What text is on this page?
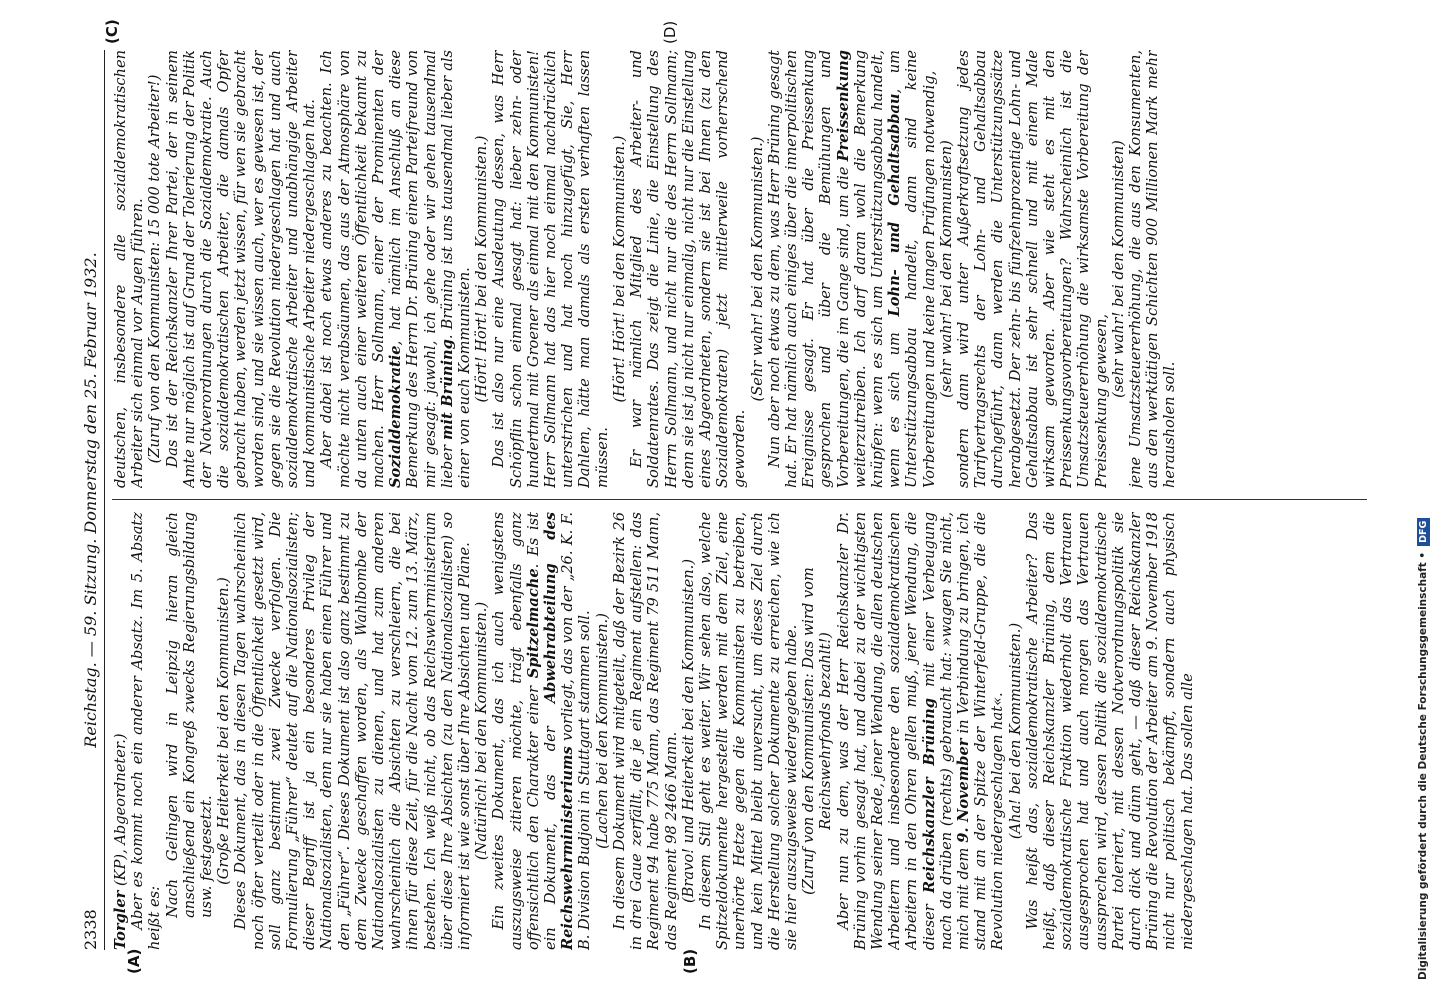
2338
Reichstag. — 59. Sitzung. Donnerstag den 25. Februar 1932.
(A)	(B)
(C)	(D)

Torgler (KP), Abgeordneter.) Aber es kommt noch ein anderer Absatz. Im 5. Absatz heißt es:

Nach Gelingen wird in Leipzig hieran gleich anschließend ein Kongreß zwecks Regierungsbildung usw. festgesetzt. (Große Heiterkeit bei den Kommunisten.) Dieses Dokument, das in diesen Tagen wahrscheinlich noch öfter verteilt oder in die Öffentlichkeit gesetzt wird, soll ganz bestimmt zwei Zwecke verfolgen. Die Formulierung „Führer“ deutet auf die Nationalsozialisten; dieser Begriff ist ja ein besonderes Privileg der Nationalsozialisten, denn nur sie haben einen Führer und den „Führer“. Dieses Dokument ist also ganz bestimmt zu dem Zwecke geschaffen worden, als Wahlbombe der Nationalsozialisten zu dienen, und hat zum anderen wahrscheinlich die Absichten zu verschleiern, die bei ihnen für diese Zeit, für die Nacht vom 12. zum 13. März, bestehen. Ich weiß nicht, ob das Reichswehrministerium über diese Ihre Absichten (zu den Nationalsozialisten) so informiert ist wie sonst über Ihre Absichten und Pläne. (Natürlich! bei den Kommunisten.) Ein zweites Dokument, das ich auch wenigstens auszugsweise zitieren möchte, trägt ebenfalls ganz offensichtlich den Charakter einer Spitzelmache. Es ist ein Dokument, das der Abwehrabteilung des Reichswehrministeriums vorliegt, das von der „26. K. F. B. Division Budjoni in Stuttgart stammen soll. (Lachen bei den Kommunisten.) In diesem Dokument wird mitgeteilt, daß der Bezirk 26 in drei Gaue zerfällt, die je ein Regiment aufstellen: das Regiment 94 habe 775 Mann, das Regiment 79 511 Mann, das Regiment 98 2466 Mann. (Bravo! und Heiterkeit bei den Kommunisten.) In diesem Stil geht es weiter. Wir sehen also, welche Spitzeldokumente hergestellt werden mit dem Ziel, eine unerhörte Hetze gegen die Kommunisten zu betreiben, und kein Mittel bleibt unversucht, um dieses Ziel durch die Herstellung solcher Dokumente zu erreichen, wie ich sie hier auszugsweise wiedergegeben habe. (Zuruf von den Kommunisten: Das wird vom Reichswehrfonds bezahlt!) Aber nun zu dem, was der Herr Reichskanzler Dr. Brüning vorhin gesagt hat, und dabei zu der wichtigsten Wendung seiner Rede, jener Wendung, die allen deutschen Arbeitern und insbesondere den sozialdemokratischen Arbeitern in den Ohren gellen muß, jener Wendung, die dieser Reichskanzler Brüning mit einer Verbeugung nach da drüben (rechts) gebraucht hat: »wagen Sie nicht, mich mit dem 9. November in Verbindung zu bringen, ich stand mit an der Spitze der Winterfeld-Gruppe, die die Revolution niedergeschlagen hat«. (Aha! bei den Kommunisten.) Was heißt das, sozialdemokratische Arbeiter? Das heißt, daß dieser Reichskanzler Brüning, dem die sozialdemokratische Fraktion wiederholt das Vertrauen ausgesprochen hat und auch morgen das Vertrauen aussprechen wird, dessen Politik die sozialdemokratische Partei toleriert, mit dessen Notverordnungspolitik sie durch dick und dünn geht, — daß dieser Reichskanzler Brüning die Revolution der Arbeiter am 9. November 1918 nicht nur politisch bekämpft, sondern auch physisch niedergeschlagen hat. Das sollen alle

deutschen, insbesondere alle sozialdemokratischen Arbeiter sich einmal vor Augen führen. (Zuruf von den Kommunisten: 15 000 tote Arbeiter!) Das ist der Reichskanzler Ihrer Partei, der in seinem Amte nur möglich ist auf Grund der Tolerierung der Politik der Notverordnungen durch die Sozialdemokratie. Auch die sozialdemokratischen Arbeiter, die damals Opfer gebracht haben, werden jetzt wissen, für wen sie gebracht worden sind, und sie wissen auch, wer es gewesen ist, der gegen sie die Revolution niedergeschlagen hat und auch sozialdemokratische Arbeiter und unabhängige Arbeiter und kommunistische Arbeiter niedergeschlagen hat. Aber dabei ist noch etwas anderes zu beachten. Ich möchte nicht verabsäumen, das aus der Atmosphäre von da unten auch einer weiteren Öffentlichkeit bekannt zu machen. Herr Sollmann, einer der Prominenten der Sozialdemokratie, hat nämlich im Anschluß an diese Bemerkung des Herrn Dr. Brüning einem Parteifreund von mir gesagt: jawohl, ich gehe oder wir gehen tausendmal lieber mit Brüning. Brüning ist uns tausendmal lieber als einer von euch Kommunisten. (Hört! Hört! bei den Kommunisten.) Das ist also nur eine Ausdeutung dessen, was Herr Schöpflin schon einmal gesagt hat: lieber zehn- oder hundertmal mit Groener als einmal mit den Kommunisten! Herr Sollmann hat das hier noch einmal nachdrücklich unterstrichen und hat noch hinzugefügt, Sie, Herr Dahlem, hätte man damals als ersten verhaften lassen müssen.

(Hört! Hört! bei den Kommunisten.) Er war nämlich Mitglied des Arbeiter- und Soldatenrates. Das zeigt die Linie, die Einstellung des Herrn Sollmann, und nicht nur die des Herrn Sollmann; denn sie ist ja nicht nur einmalig, nicht nur die Einstellung eines Abgeordneten, sondern sie ist bei Ihnen (zu den Sozialdemokraten) jetzt mittlerweile vorherrschend geworden.

(Sehr wahr! bei den Kommunisten.) Nun aber noch etwas zu dem, was Herr Brüning gesagt hat. Er hat nämlich auch einiges über die innerpolitischen Ereignisse gesagt. Er hat über die Preissenkung gesprochen und über die Bemühungen und Vorbereitungen, die im Gange sind, um die Preissenkung weiterzutreiben. Ich darf daran wohl die Bemerkung knüpfen: wenn es sich um Unterstützungsabbau handelt, wenn es sich um Lohn- und Gehaltsabbau, um Unterstützungsabbau handelt, dann sind keine Vorbereitungen und keine langen Prüfungen notwendig, (sehr wahr! bei den Kommunisten) sondern dann wird unter Außerkraftsetzung jedes Tarifvertragsrechts der Lohn- und Gehaltsabbau durchgeführt, dann werden die Unterstützungssätze herabgesetzt. Der zehn- bis fünfzehnprozentige Lohn- und Gehaltsabbau ist sehr schnell und mit einem Male wirksam geworden. Aber wie steht es mit den Preissenkungsvorbereitungen? Wahrscheinlich ist die Umsatzsteuererhöhung die wirksamste Vorbereitung der Preissenkung gewesen,

(sehr wahr! bei den Kommunisten) jene Umsatzsteuererhöhung, die aus den Konsumenten, aus den werktätigen Schichten 900 Millionen Mark mehr herausholen soll.

Digitalisierung gefördert durch die Deutsche Forschungsgemeinschaft •
DFG
